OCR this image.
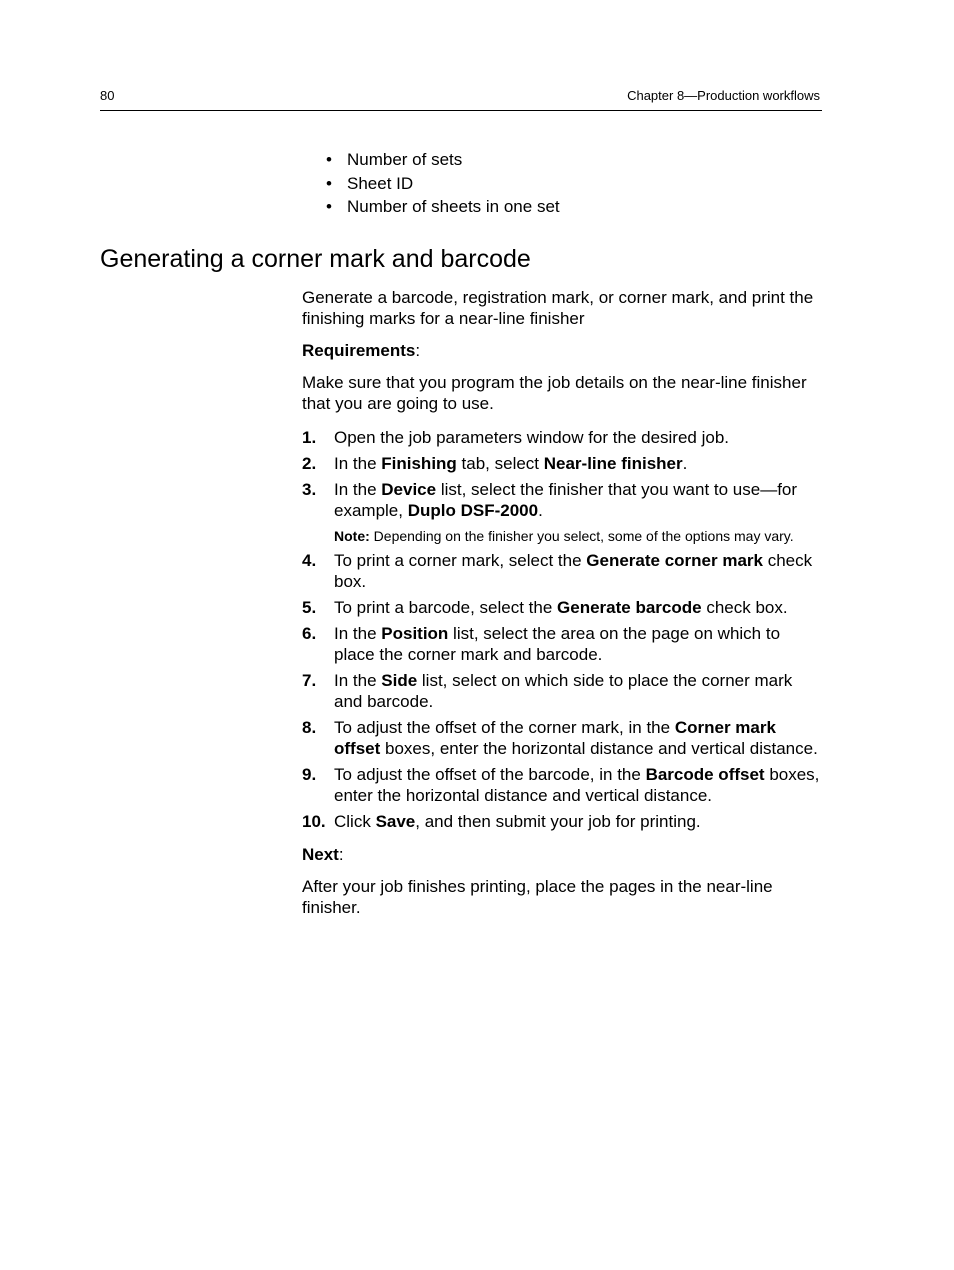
80	Chapter 8—Production workflows
• Number of sets
• Sheet ID
• Number of sheets in one set
Generating a corner mark and barcode

Generate a barcode, registration mark, or corner mark, and print the finishing marks for a near-line finisher

Requirements:

Make sure that you program the job details on the near-line finisher that you are going to use.

1. Open the job parameters window for the desired job.
2. In the Finishing tab, select Near-line finisher.
3. In the Device list, select the finisher that you want to use—for example, Duplo DSF-2000.

Note: Depending on the finisher you select, some of the options may vary.

4. To print a corner mark, select the Generate corner mark check box.
5. To print a barcode, select the Generate barcode check box.
6. In the Position list, select the area on the page on which to place the corner mark and barcode.
7. In the Side list, select on which side to place the corner mark and barcode.
8. To adjust the offset of the corner mark, in the Corner mark offset boxes, enter the horizontal distance and vertical distance.
9. To adjust the offset of the barcode, in the Barcode offset boxes, enter the horizontal distance and vertical distance.
10. Click Save, and then submit your job for printing.

Next:

After your job finishes printing, place the pages in the near-line finisher.
